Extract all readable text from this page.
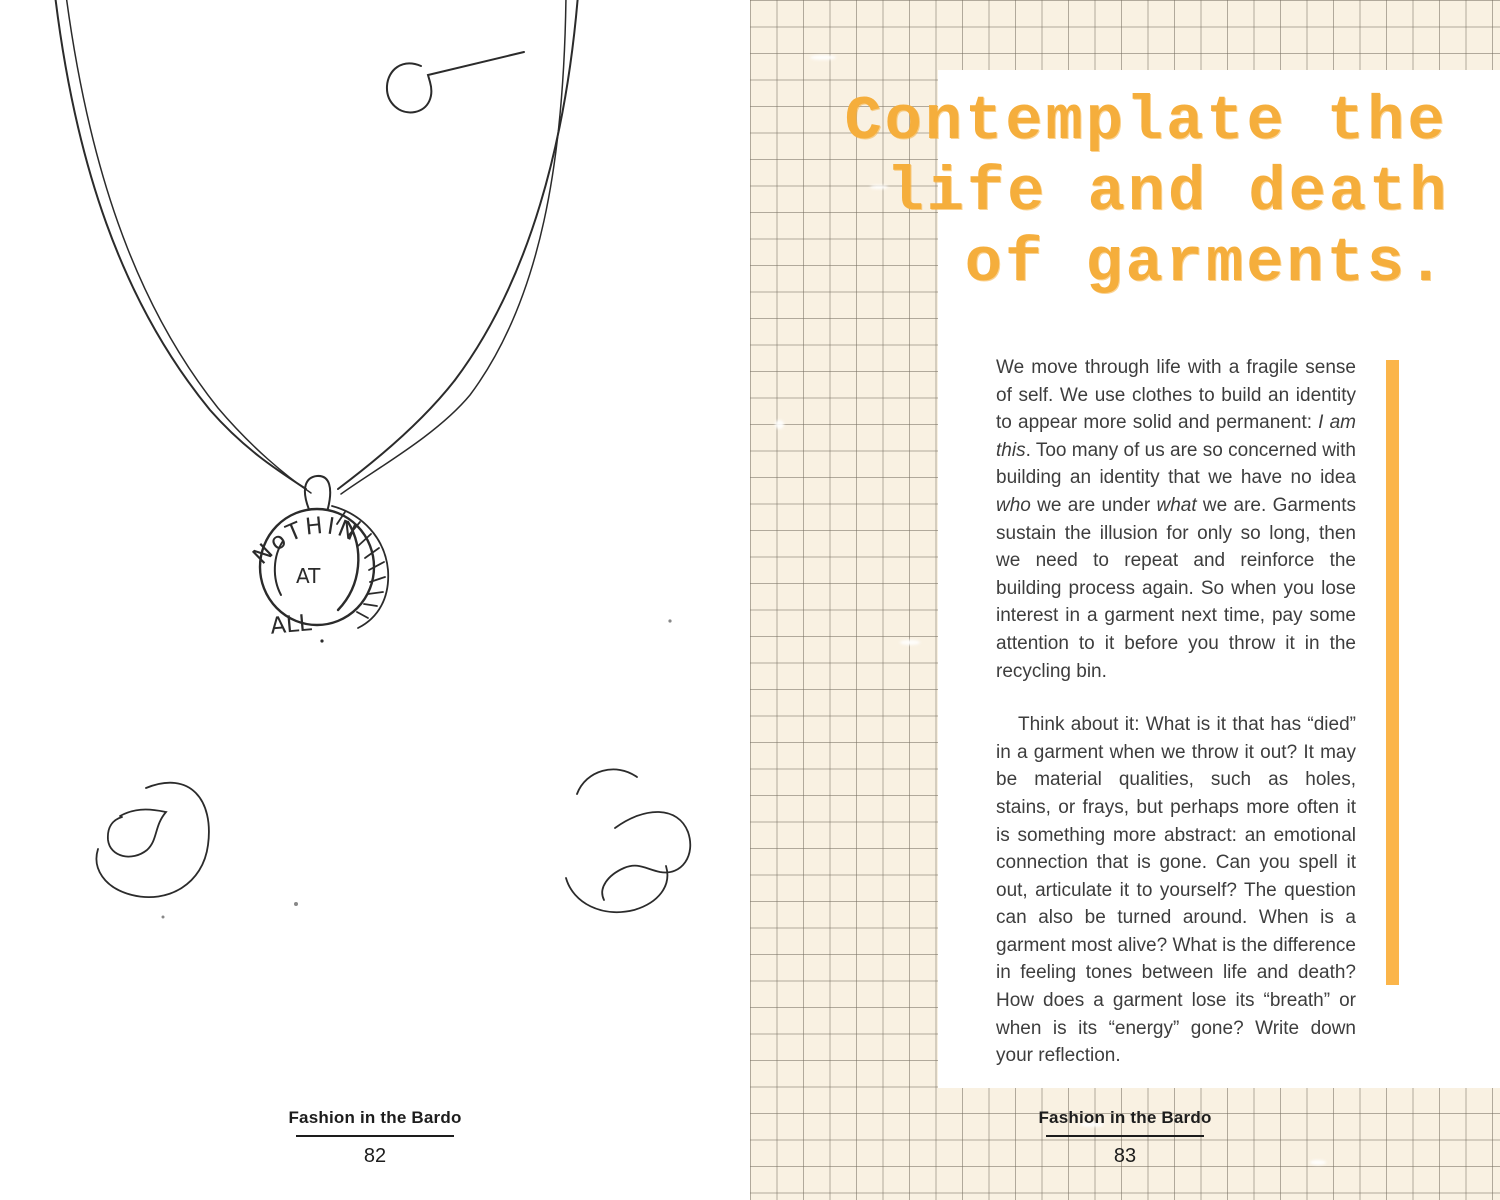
NoTHIN
AT
ALL
Fashion in the Bardo
82
Contemplate the
life and death
of garments.

We move through life with a fragile sense of self. We use clothes to build an identity to appear more solid and permanent: I am this. Too many of us are so concerned with building an identity that we have no idea who we are under what we are. Garments sustain the illusion for only so long, then we need to repeat and reinforce the building process again. So when you lose interest in a garment next time, pay some attention to it before you throw it in the recycling bin.

Think about it: What is it that has “died” in a garment when we throw it out? It may be material qualities, such as holes, stains, or frays, but perhaps more often it is something more abstract: an emotional connection that is gone. Can you spell it out, articulate it to yourself? The question can also be turned around. When is a garment most alive? What is the difference in feeling tones between life and death? How does a garment lose its “breath” or when is its “energy” gone? Write down your reflection.

Fashion in the Bardo
83
